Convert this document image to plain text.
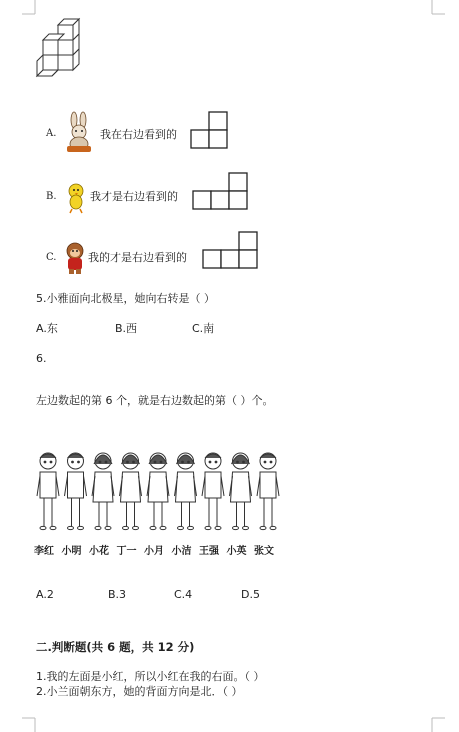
A.	我在右边看到的
B.	我才是右边看到的
C.	我的才是右边看到的
5.小雅面向北极星，她向右转是（ ）
A.东	B.西	C.南
6.
左边数起的第 6 个，就是右边数起的第（ ）个。
李红 小明 小花 丁一 小月 小洁 王强 小英 张文
A.2	B.3	C.4	D.5
二.判断题(共 6 题，共 12 分)
1.我的左面是小红，所以小红在我的右面。（ ）
2.小兰面朝东方，她的背面方向是北．（ ）
